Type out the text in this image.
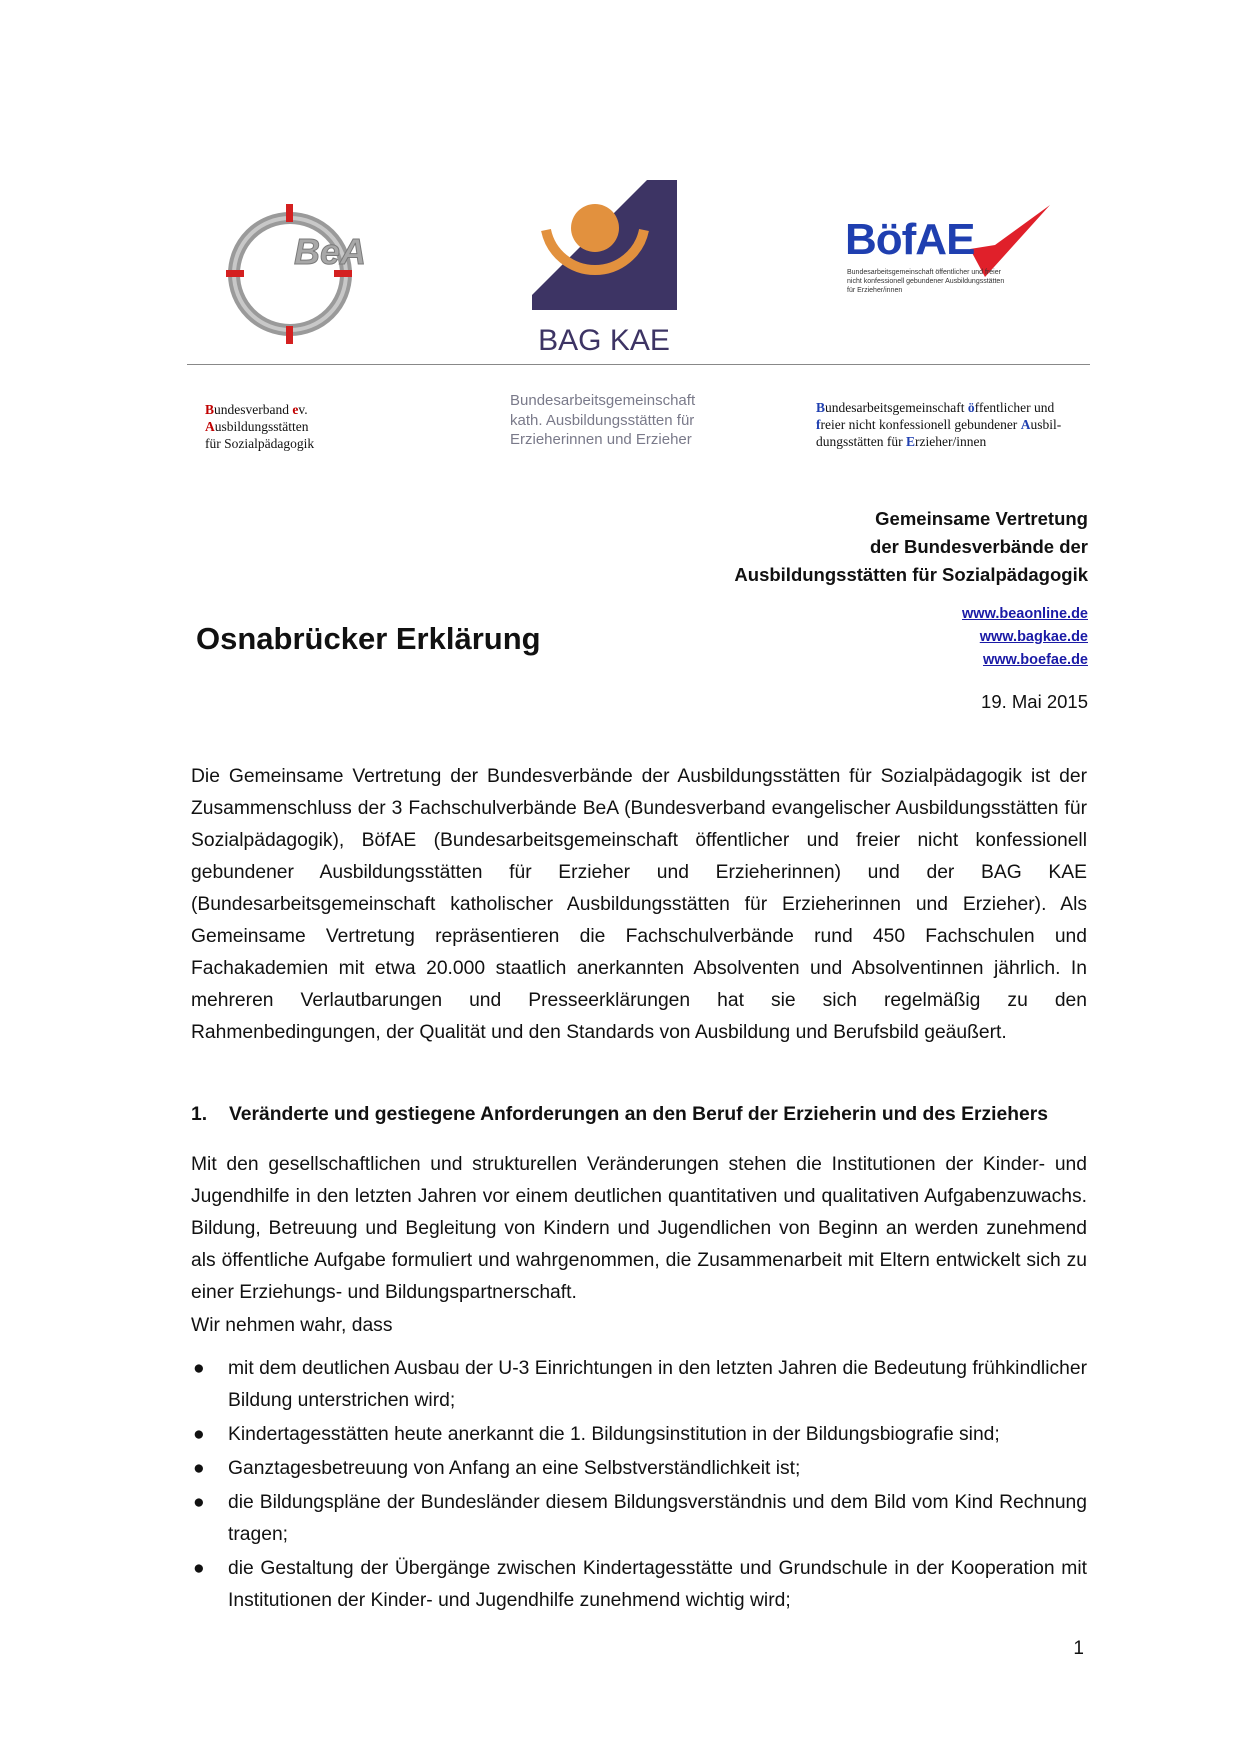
BeA
BAG KAE
BöfAE
Bundesarbeitsgemeinschaft öffentlicher und freier nicht konfessionell gebundener Ausbildungsstätten für Erzieher/innen
Bundesverband ev.
Ausbildungsstätten
für Sozialpädagogik
Bundesarbeitsgemeinschaft
kath. Ausbildungsstätten für
Erzieherinnen und Erzieher
Bundesarbeitsgemeinschaft öffentlicher und
freier nicht konfessionell gebundener Ausbil-
dungsstätten für Erzieher/innen
Gemeinsame Vertretung
der Bundesverbände der
Ausbildungsstätten für Sozialpädagogik
www.beaonline.de
www.bagkae.de
www.boefae.de
Osnabrücker Erklärung
19. Mai 2015
Die Gemeinsame Vertretung der Bundesverbände der Ausbildungsstätten für Sozialpädagogik ist der Zusammenschluss der 3 Fachschulverbände BeA (Bundesverband evangelischer Ausbildungsstätten für Sozialpädagogik), BöfAE (Bundesarbeitsgemeinschaft öffentlicher und freier nicht konfessionell gebundener Ausbildungsstätten für Erzieher und Erzieherinnen) und der BAG KAE (Bundesarbeitsgemeinschaft katholischer Ausbildungsstätten für Erzieherinnen und Erzieher). Als Gemeinsame Vertretung repräsentieren die Fachschulverbände rund 450 Fachschulen und Fachakademien mit etwa 20.000 staatlich anerkannten Absolventen und Absolventinnen jährlich. In mehreren Verlautbarungen und Presseerklärungen hat sie sich regelmäßig zu den Rahmenbedingungen, der Qualität und den Standards von Ausbildung und Berufsbild geäußert.
1. Veränderte und gestiegene Anforderungen an den Beruf der Erzieherin und des Erziehers
Mit den gesellschaftlichen und strukturellen Veränderungen stehen die Institutionen der Kinder- und Jugendhilfe in den letzten Jahren vor einem deutlichen quantitativen und qualitativen Aufgabenzuwachs. Bildung, Betreuung und Begleitung von Kindern und Jugendlichen von Beginn an werden zunehmend als öffentliche Aufgabe formuliert und wahrgenommen, die Zusammenarbeit mit Eltern entwickelt sich zu einer Erziehungs- und Bildungspartnerschaft.
Wir nehmen wahr, dass
● mit dem deutlichen Ausbau der U-3 Einrichtungen in den letzten Jahren die Bedeutung frühkindlicher Bildung unterstrichen wird;
● Kindertagesstätten heute anerkannt die 1. Bildungsinstitution in der Bildungsbiografie sind;
● Ganztagesbetreuung von Anfang an eine Selbstverständlichkeit ist;
● die Bildungspläne der Bundesländer diesem Bildungsverständnis und dem Bild vom Kind Rechnung tragen;
● die Gestaltung der Übergänge zwischen Kindertagesstätte und Grundschule in der Kooperation mit Institutionen der Kinder- und Jugendhilfe zunehmend wichtig wird;
1
